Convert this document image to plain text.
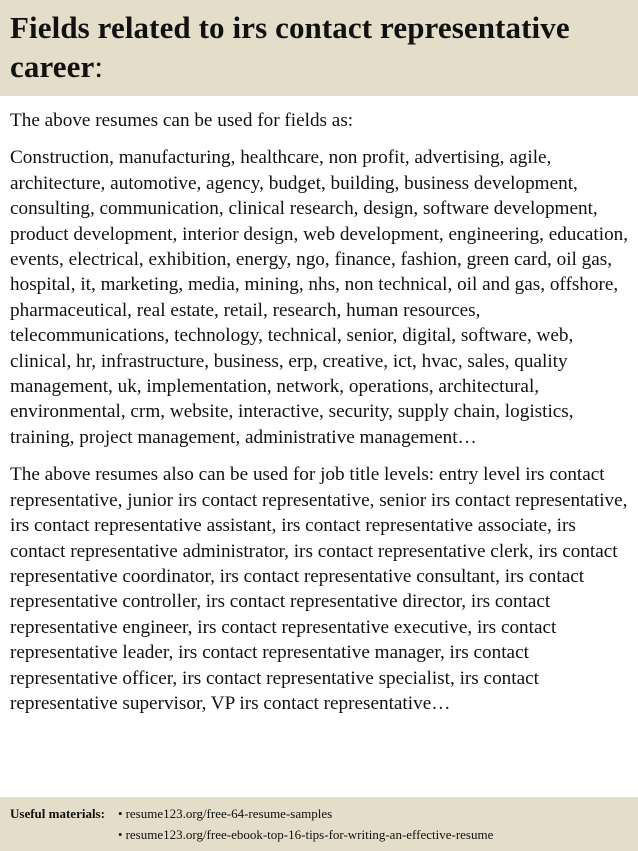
Fields related to irs contact representative career:

The above resumes can be used for fields as:

Construction, manufacturing, healthcare, non profit, advertising, agile, architecture, automotive, agency, budget, building, business development, consulting, communication, clinical research, design, software development, product development, interior design, web development, engineering, education, events, electrical, exhibition, energy, ngo, finance, fashion, green card, oil gas, hospital, it, marketing, media, mining, nhs, non technical, oil and gas, offshore, pharmaceutical, real estate, retail, research, human resources, telecommunications, technology, technical, senior, digital, software, web, clinical, hr, infrastructure, business, erp, creative, ict, hvac, sales, quality management, uk, implementation, network, operations, architectural, environmental, crm, website, interactive, security, supply chain, logistics, training, project management, administrative management…

The above resumes also can be used for job title levels: entry level irs contact representative, junior irs contact representative, senior irs contact representative, irs contact representative assistant, irs contact representative associate, irs contact representative administrator, irs contact representative clerk, irs contact representative coordinator, irs contact representative consultant, irs contact representative controller, irs contact representative director, irs contact representative engineer, irs contact representative executive, irs contact representative leader, irs contact representative manager, irs contact representative officer, irs contact representative specialist, irs contact representative supervisor, VP irs contact representative…

Useful materials:	• resume123.org/free-64-resume-samples
• resume123.org/free-ebook-top-16-tips-for-writing-an-effective-resume
